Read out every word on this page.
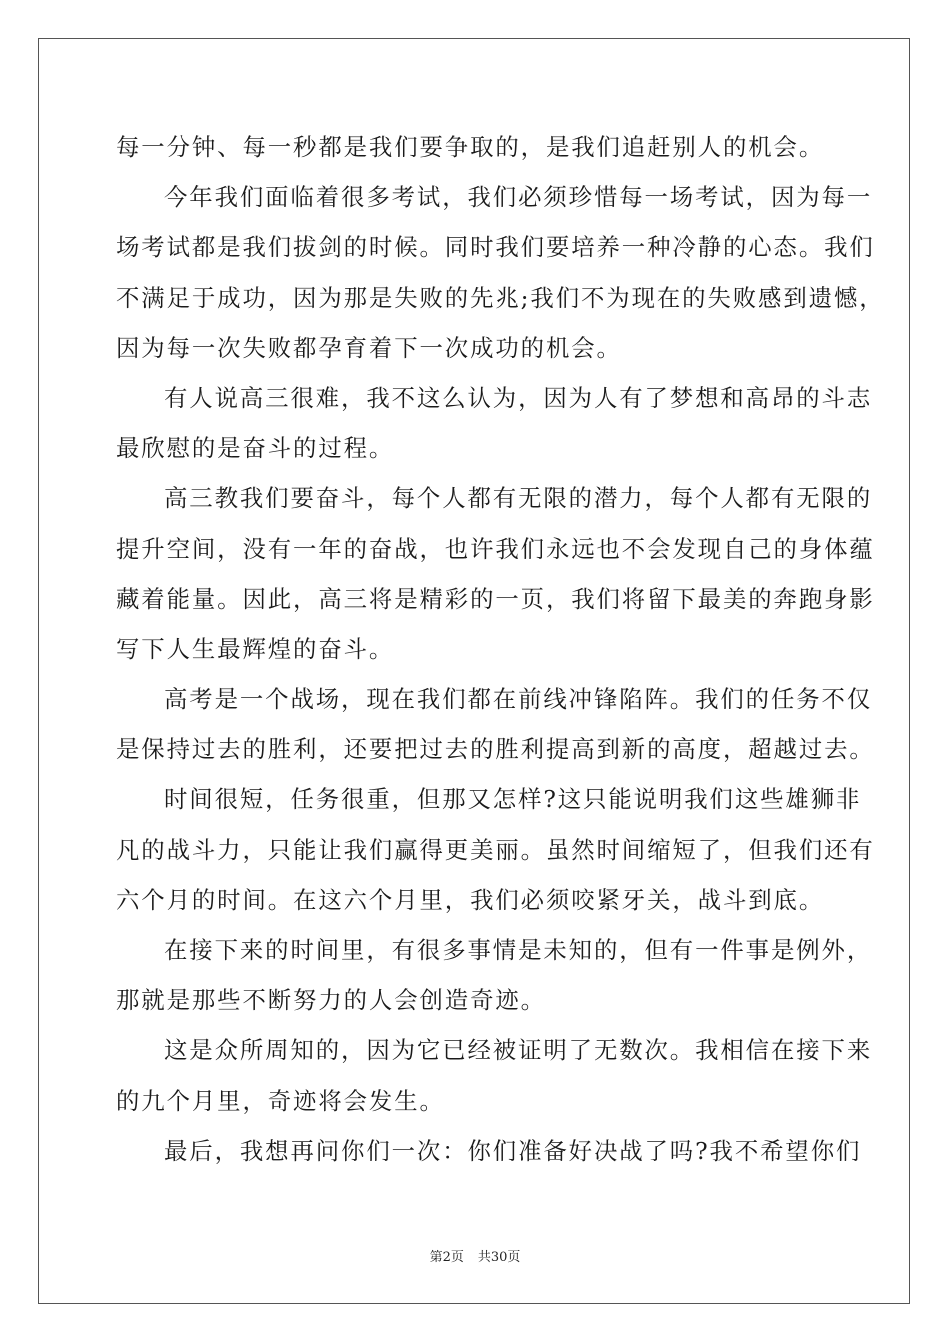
每一分钟、每一秒都是我们要争取的，是我们追赶别人的机会。
今年我们面临着很多考试，我们必须珍惜每一场考试，因为每一
场考试都是我们拔剑的时候。同时我们要培养一种冷静的心态。我们
不满足于成功，因为那是失败的先兆;我们不为现在的失败感到遗憾，
因为每一次失败都孕育着下一次成功的机会。
有人说高三很难，我不这么认为，因为人有了梦想和高昂的斗志
最欣慰的是奋斗的过程。
高三教我们要奋斗，每个人都有无限的潜力，每个人都有无限的
提升空间，没有一年的奋战，也许我们永远也不会发现自己的身体蕴
藏着能量。因此，高三将是精彩的一页，我们将留下最美的奔跑身影
写下人生最辉煌的奋斗。
高考是一个战场，现在我们都在前线冲锋陷阵。我们的任务不仅
是保持过去的胜利，还要把过去的胜利提高到新的高度，超越过去。
时间很短，任务很重，但那又怎样?这只能说明我们这些雄狮非
凡的战斗力，只能让我们赢得更美丽。虽然时间缩短了，但我们还有
六个月的时间。在这六个月里，我们必须咬紧牙关，战斗到底。
在接下来的时间里，有很多事情是未知的，但有一件事是例外，
那就是那些不断努力的人会创造奇迹。
这是众所周知的，因为它已经被证明了无数次。我相信在接下来
的九个月里，奇迹将会发生。
最后，我想再问你们一次：你们准备好决战了吗?我不希望你们
第2页 共30页
